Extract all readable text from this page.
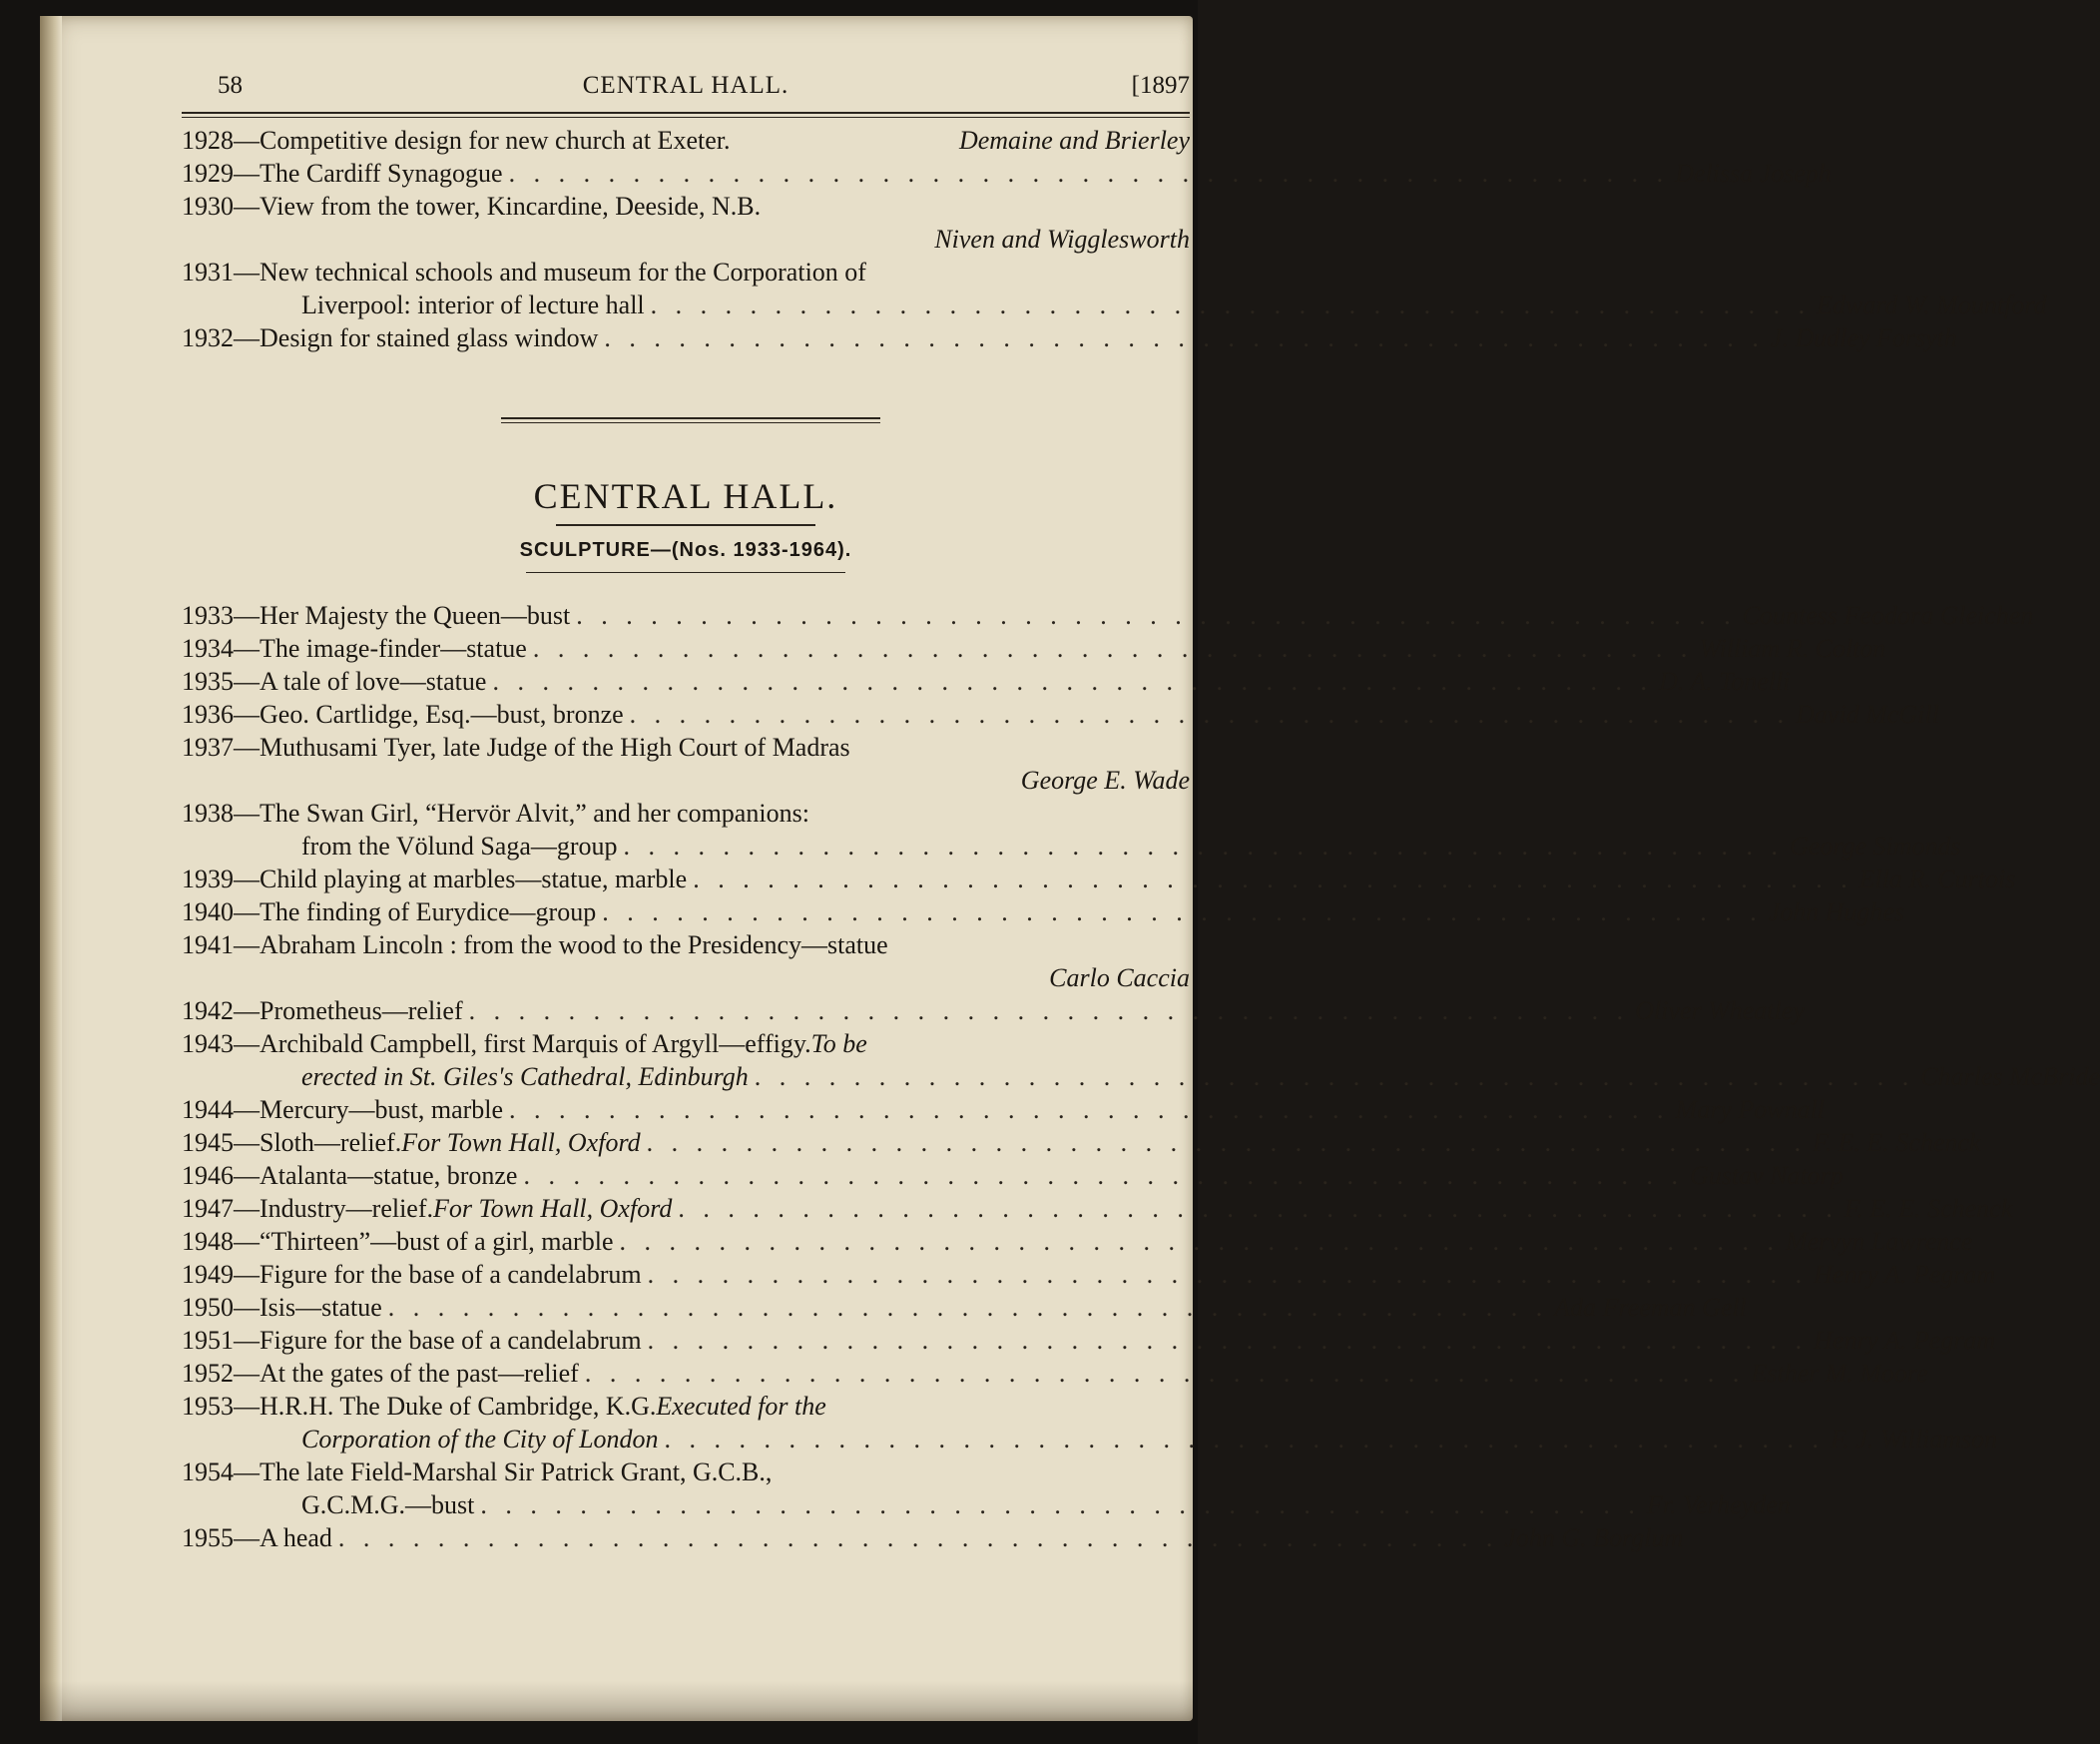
58	CENTRAL HALL.	[1897
1928—Competitive design for new church at Exeter.	Demaine and Brierley
1929—The Cardiff Synagogue . . . . . . . . . . . . . . . . . . . . . . . . . . . . . . . . . . . . . . . . . . . . . . . Delissa Joseph
1930—View from the tower, Kincardine, Deeside, N.B.
Niven and Wigglesworth
1931—New technical schools and museum for the Corporation of
Liverpool: interior of lecture hall . . . . . . . . . . . . . . . . . . . . . . . . . . . . . . . . . . . . . . . . . . . . . . . Edward W. Mountford
1932—Design for stained glass window . . . . . . . . . . . . . . . . . . . . . . . . . . . . . . . . . . . . . . . . . . . . . . . J. Dudley Forsyth
CENTRAL HALL.
SCULPTURE—(Nos. 1933-1964).
1933—Her Majesty the Queen—bust . . . . . . . . . . . . . . . . . . . . . . . . . . . . . . . . . . . . . . . . . . . . . . . Countess Feodora Gleichen
1934—The image-finder—statue . . . . . . . . . . . . . . . . . . . . . . . . . . . . . . . . . . . . . . . . . . . . . . . William R. Colton
1935—A tale of love—statue . . . . . . . . . . . . . . . . . . . . . . . . . . . . . . . . . . . . . . . . . . . . . . . D. A. Tonelli
1936—Geo. Cartlidge, Esq.—bust, bronze . . . . . . . . . . . . . . . . . . . . . . . . . . . . . . . . . . . . . . . . . . . . . . . David McGill
1937—Muthusami Tyer, late Judge of the High Court of Madras
George E. Wade
1938—The Swan Girl, “Hervör Alvit,” and her companions:
from the Völund Saga—group . . . . . . . . . . . . . . . . . . . . . . . . . . . . . . . . . . . . . . . . . . . . . . . George Simonds
1939—Child playing at marbles—statue, marble . . . . . . . . . . . . . . . . . . . . . . . . . . . . . . . . . . . . . . . . . . . . . . . Ella R. Curtois
1940—The finding of Eurydice—group . . . . . . . . . . . . . . . . . . . . . . . . . . . . . . . . . . . . . . . . . . . . . . . John Hughes
1941—Abraham Lincoln : from the wood to the Presidency—statue
Carlo Caccia
1942—Prometheus—relief . . . . . . . . . . . . . . . . . . . . . . . . . . . . . . . . . . . . . . . . . . . . . . . Oliver Wheatley
1943—Archibald Campbell, first Marquis of Argyll—effigy. To be
erected in St. Giles's Cathedral, Edinburgh . . . . . . . . . . . . . . . . . . . . . . . . . . . . . . . . . . . . . . . . . . . . . . . Charles McBride
1944—Mercury—bust, marble . . . . . . . . . . . . . . . . . . . . . . . . . . . . . . . . . . . . . . . . . . . . . . . Mary Pownall
1945—Sloth—relief. For Town Hall, Oxford . . . . . . . . . . . . . . . . . . . . . . . . . . . . . . . . . . . . . . . . . . . . . . . F. E. E. Schenck
1946—Atalanta—statue, bronze . . . . . . . . . . . . . . . . . . . . . . . . . . . . . . . . . . . . . . . . . . . . . . . Gustav Natorp
1947—Industry—relief. For Town Hall, Oxford . . . . . . . . . . . . . . . . . . . . . . . . . . . . . . . . . . . . . . . . . . . . . . . F. E. E. Schenck
1948—“Thirteen”—bust of a girl, marble . . . . . . . . . . . . . . . . . . . . . . . . . . . . . . . . . . . . . . . . . . . . . . . Mervyn Lawrence
1949—Figure for the base of a candelabrum . . . . . . . . . . . . . . . . . . . . . . . . . . . . . . . . . . . . . . . . . . . . . . . Henry A. Pegram
1950—Isis—statue . . . . . . . . . . . . . . . . . . . . . . . . . . . . . . . . . . . . . . . . . . . . . . . Ada Freeman Gell
1951—Figure for the base of a candelabrum . . . . . . . . . . . . . . . . . . . . . . . . . . . . . . . . . . . . . . . . . . . . . . . Henry A. Pegram
1952—At the gates of the past—relief . . . . . . . . . . . . . . . . . . . . . . . . . . . . . . . . . . . . . . . . . . . . . . . Esther M. Moore
1953—H.R.H. The Duke of Cambridge, K.G. Executed for the
Corporation of the City of London . . . . . . . . . . . . . . . . . . . . . . . . . . . . . . . . . . . . . . . . . . . . . . . F. J. Williamson
1954—The late Field-Marshal Sir Patrick Grant, G.C.B.,
G.C.M.G.—bust . . . . . . . . . . . . . . . . . . . . . . . . . . . . . . . . . . . . . . . . . . . . . . . Fr. Verheyden
1955—A head . . . . . . . . . . . . . . . . . . . . . . . . . . . . . . . . . . . . . . . . . . . . . . . John G. Borglum
